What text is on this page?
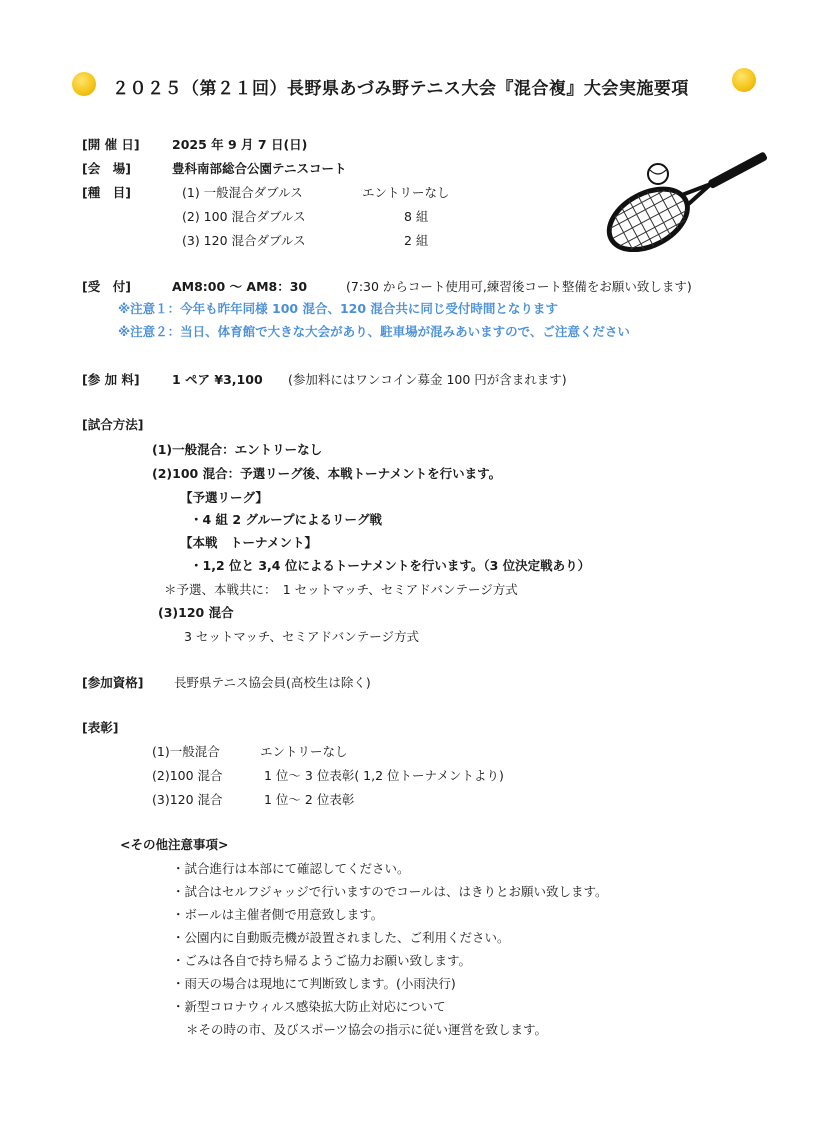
２０２５（第２１回）長野県あづみ野テニス大会『混合複』大会実施要項
[開 催 日]	2025 年 9 月 7 日(日)
[会　場]	豊科南部総合公園テニスコート
[種　目]	(1) 一般混合ダブルス	エントリーなし
(2) 100 混合ダブルス	8 組
(3) 120 混合ダブルス	2 組
[受　付]	AM8:00 〜 AM8：30	(7:30 からコート使用可,練習後コート整備をお願い致します)
※注意１：今年も昨年同様 100 混合、120 混合共に同じ受付時間となります
※注意２：当日、体育館で大きな大会があり、駐車場が混みあいますので、ご注意ください
[参 加 料]	1 ペア ¥3,100 (参加料にはワンコイン募金 100 円が含まれます)
[試合方法]
(1)一般混合：エントリーなし
(2)100 混合：予選リーグ後、本戦トーナメントを行います。
【予選リーグ】
・4 組 2 グループによるリーグ戦
【本戦　トーナメント】
・1,2 位と 3,4 位によるトーナメントを行います。（3 位決定戦あり）
＊予選、本戦共に：　1 セットマッチ、セミアドバンテージ方式
(3)120 混合
3 セットマッチ、セミアドバンテージ方式
[参加資格] 長野県テニス協会員(高校生は除く)
[表彰]
(1)一般混合	エントリーなし
(2)100 混合	1 位〜 3 位表彰( 1,2 位トーナメントより)
(3)120 混合	1 位〜 2 位表彰
<その他注意事項>
・試合進行は本部にて確認してください。
・試合はセルフジャッジで行いますのでコールは、はきりとお願い致します。
・ボールは主催者側で用意致します。
・公園内に自動販売機が設置されました、ご利用ください。
・ごみは各自で持ち帰るようご協力お願い致します。
・雨天の場合は現地にて判断致します。(小雨決行)
・新型コロナウィルス感染拡大防止対応について
＊その時の市、及びスポーツ協会の指示に従い運営を致します。
